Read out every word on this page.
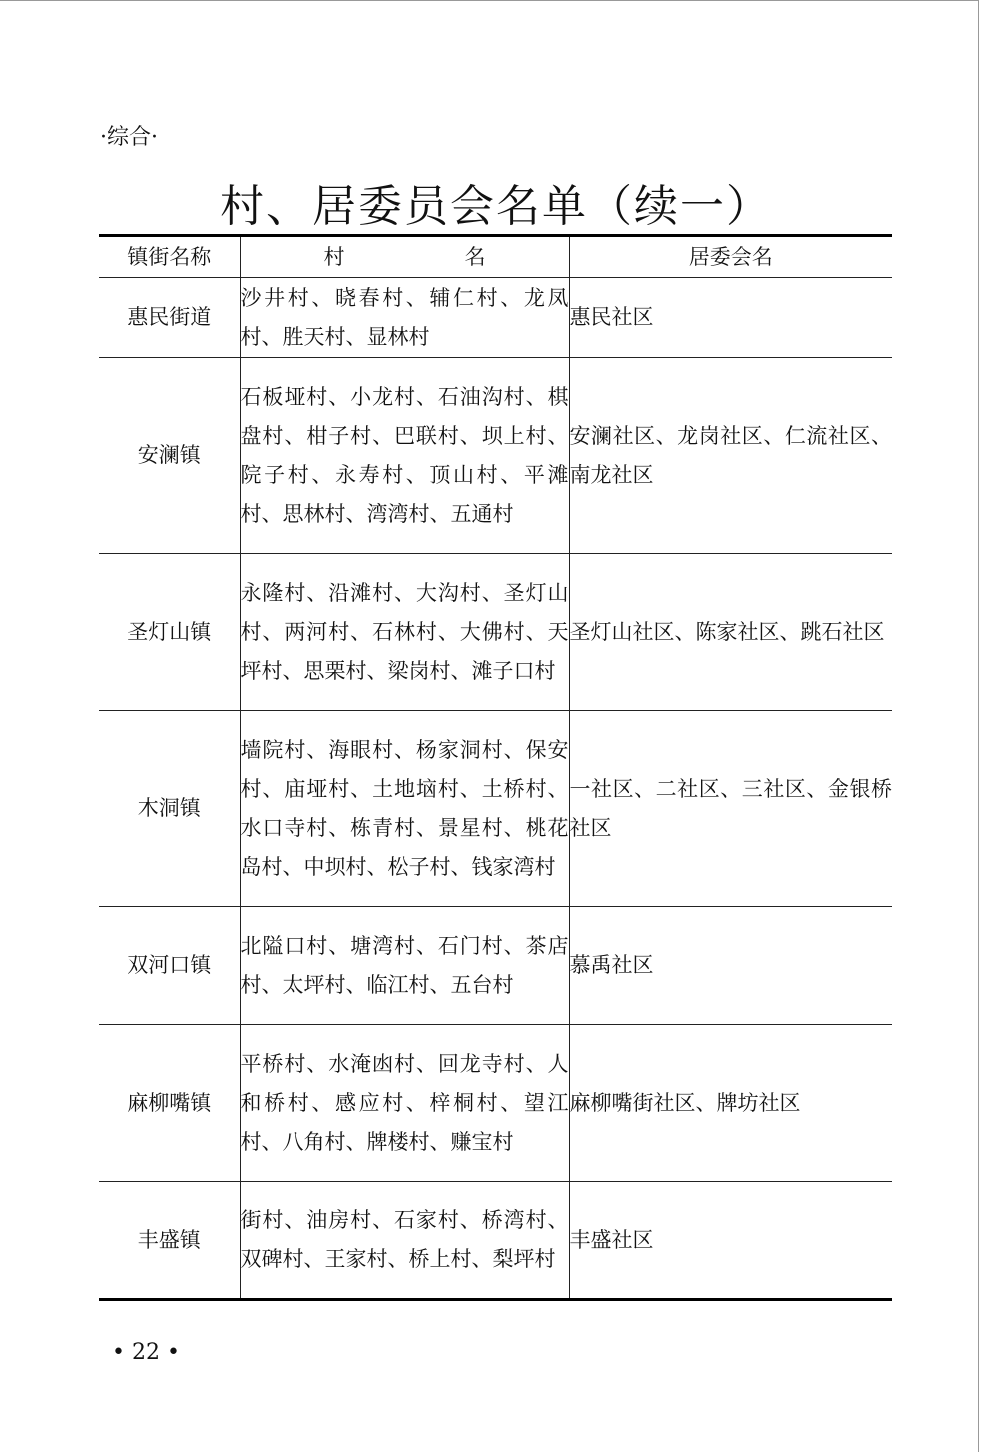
·综合·
村、居委员会名单（续一）
镇街名称	村 名	居委会名
惠民街道	沙井村、晓春村、辅仁村、龙凤村、胜天村、显林村	惠民社区
安澜镇	石板垭村、小龙村、石油沟村、棋盘村、柑子村、巴联村、坝上村、院子村、永寿村、顶山村、平滩村、思林村、湾湾村、五通村	安澜社区、龙岗社区、仁流社区、南龙社区
圣灯山镇	永隆村、沿滩村、大沟村、圣灯山村、两河村、石林村、大佛村、天坪村、思栗村、梁岗村、滩子口村	圣灯山社区、陈家社区、跳石社区
木洞镇	墙院村、海眼村、杨家洞村、保安村、庙垭村、土地垴村、土桥村、水口寺村、栋青村、景星村、桃花岛村、中坝村、松子村、钱家湾村	一社区、二社区、三社区、金银桥社区
双河口镇	北隘口村、塘湾村、石门村、茶店村、太坪村、临江村、五台村	慕禹社区
麻柳嘴镇	平桥村、水淹凼村、回龙寺村、人和桥村、感应村、梓桐村、望江村、八角村、牌楼村、赚宝村	麻柳嘴街社区、牌坊社区
丰盛镇	街村、油房村、石家村、桥湾村、双碑村、王家村、桥上村、梨坪村	丰盛社区
• 22 •
